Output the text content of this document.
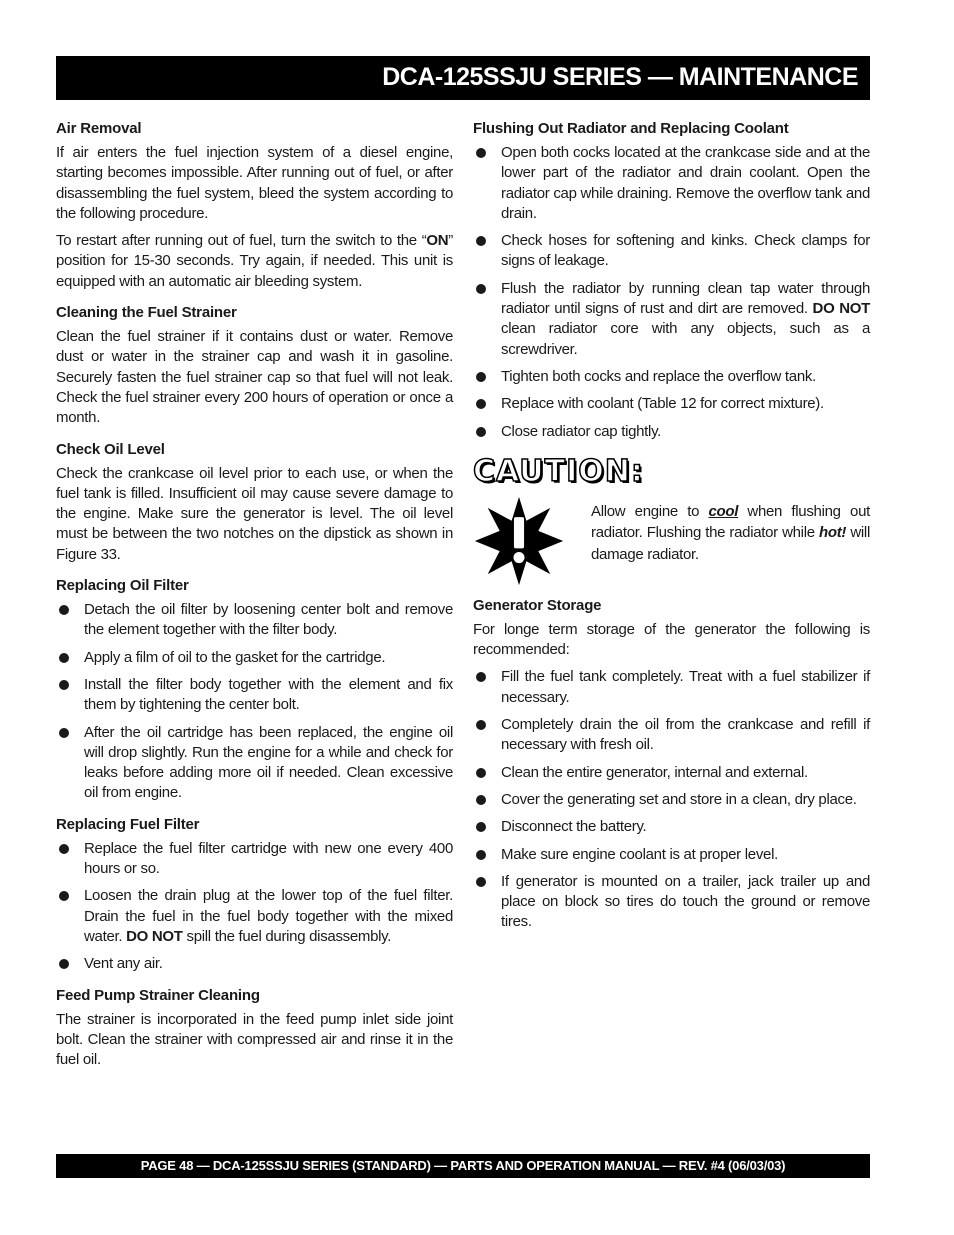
DCA-125SSJU SERIES — MAINTENANCE
Air Removal

If air enters the fuel injection system of a diesel engine, starting becomes impossible. After running out of fuel, or after disassembling the fuel system, bleed the system according to the following procedure.

To restart after running out of fuel, turn the switch to the “ON” position for 15-30 seconds. Try again, if needed. This unit is equipped with an automatic air bleeding system.

Cleaning the Fuel Strainer

Clean the fuel strainer if it contains dust or water. Remove dust or water in the strainer cap and wash it in gasoline. Securely fasten the fuel strainer cap so that fuel will not leak. Check the fuel strainer every 200 hours of operation or once a month.

Check Oil Level

Check the crankcase oil level prior to each use, or when the fuel tank is filled. Insufficient oil may cause severe damage to the engine. Make sure the generator is level. The oil level must be between the two notches on the dipstick as shown in Figure 33.

Replacing Oil Filter
Detach the oil filter by loosening center bolt and remove the element together with the filter body.
Apply a film of oil to the gasket for the cartridge.
Install the filter body together with the element and fix them by tightening the center bolt.
After the oil cartridge has been replaced, the engine oil will drop slightly. Run the engine for a while and check for leaks before adding more oil if needed. Clean excessive oil from engine.
Replacing Fuel Filter
Replace the fuel filter cartridge with new one every 400 hours or so.
Loosen the drain plug at the lower top of the fuel filter. Drain the fuel in the fuel body together with the mixed water. DO NOT spill the fuel during disassembly.
Vent any air.
Feed Pump Strainer Cleaning

The strainer is incorporated in the feed pump inlet side joint bolt. Clean the strainer with compressed air and rinse it in the fuel oil.

Flushing Out Radiator and Replacing Coolant
Open both cocks located at the crankcase side and at the lower part of the radiator and drain coolant. Open the radiator cap while draining. Remove the overflow tank and drain.
Check hoses for softening and kinks. Check clamps for signs of leakage.
Flush the radiator by running clean tap water through radiator until signs of rust and dirt are removed. DO NOT clean radiator core with any objects, such as a screwdriver.
Tighten both cocks and replace the overflow tank.
Replace with coolant (Table 12 for correct mixture).
Close radiator cap tightly.
CAUTION:
Allow engine to cool when flushing out radiator. Flushing the radiator while hot! will damage radiator.
Generator Storage

For longe term storage of the generator the following is recommended:

Fill the fuel tank completely. Treat with a fuel stabilizer if necessary.
Completely drain the oil from the crankcase and refill if necessary with fresh oil.
Clean the entire generator, internal and external.
Cover the generating set and store in a clean, dry place.
Disconnect the battery.
Make sure engine coolant is at proper level.
If generator is mounted on a trailer, jack trailer up and place on block so tires do touch the ground or remove tires.
PAGE 48 — DCA-125SSJU SERIES (STANDARD) — PARTS AND OPERATION MANUAL — REV. #4 (06/03/03)
